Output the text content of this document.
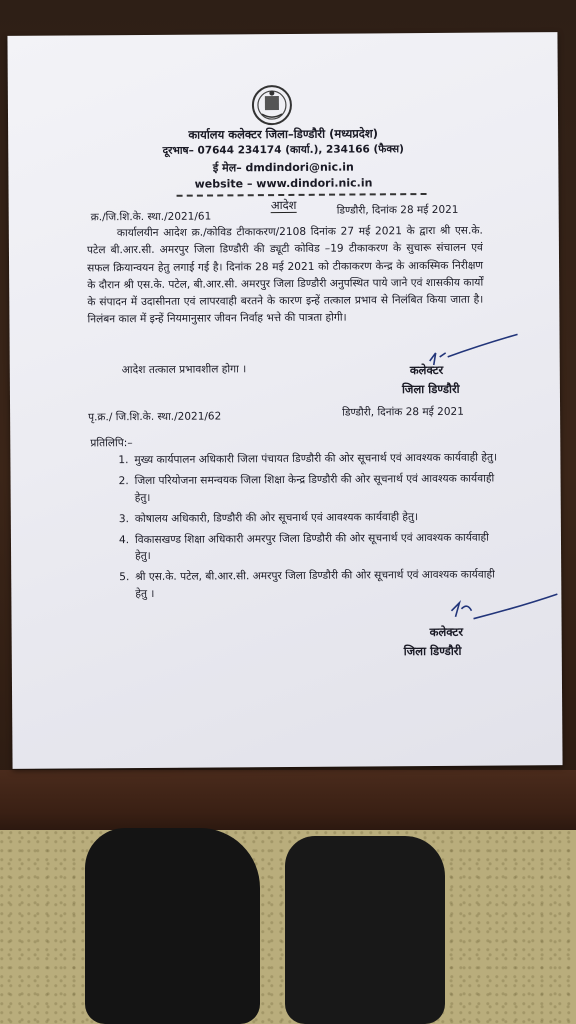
कार्यालय कलेक्टर जिला–डिण्डौरी (मध्यप्रदेश)
दूरभाष– 07644 234174 (कार्या.), 234166 (फैक्स)
ई मेल– dmdindori@nic.in
website – www.dindori.nic.in
आदेश
क्र./जि.शि.के. स्था./2021/61
डिण्डौरी, दिनांक 28 मई 2021

कार्यालयीन आदेश क्र./कोविड टीकाकरण/2108 दिनांक 27 मई 2021 के द्वारा श्री एस.के. पटेल बी.आर.सी. अमरपुर जिला डिण्डौरी की ड्यूटी कोविड –19 टीकाकरण के सुचारू संचालन एवं सफल क्रियान्वयन हेतु लगाई गई है। दिनांक 28 मई 2021 को टीकाकरण केन्द्र के आकस्मिक निरीक्षण के दौरान श्री एस.के. पटेल, बी.आर.सी. अमरपुर जिला डिण्डौरी अनुपस्थित पाये जाने एवं शासकीय कार्यों के संपादन में उदासीनता एवं लापरवाही बरतने के कारण इन्हें तत्काल प्रभाव से निलंबित किया जाता है। निलंबन काल में इन्हें नियमानुसार जीवन निर्वाह भत्ते की पात्रता होगी।

आदेश तत्काल प्रभावशील होगा ।	कलेक्टर
जिला डिण्डौरी
पृ.क्र./ जि.शि.के. स्था./2021/62	डिण्डौरी, दिनांक 28 मई 2021
प्रतिलिपि:–
1. मुख्य कार्यपालन अधिकारी जिला पंचायत डिण्डौरी की ओर सूचनार्थ एवं आवश्यक कार्यवाही हेतु।
2. जिला परियोजना समन्वयक जिला शिक्षा केन्द्र डिण्डौरी की ओर सूचनार्थ एवं आवश्यक कार्यवाही हेतु।
3. कोषालय अधिकारी, डिण्डौरी की ओर सूचनार्थ एवं आवश्यक कार्यवाही हेतु।
4. विकासखण्ड शिक्षा अधिकारी अमरपुर जिला डिण्डौरी की ओर सूचनार्थ एवं आवश्यक कार्यवाही हेतु।
5. श्री एस.के. पटेल, बी.आर.सी. अमरपुर जिला डिण्डौरी की ओर सूचनार्थ एवं आवश्यक कार्यवाही हेतु ।
कलेक्टर
जिला डिण्डौरी
